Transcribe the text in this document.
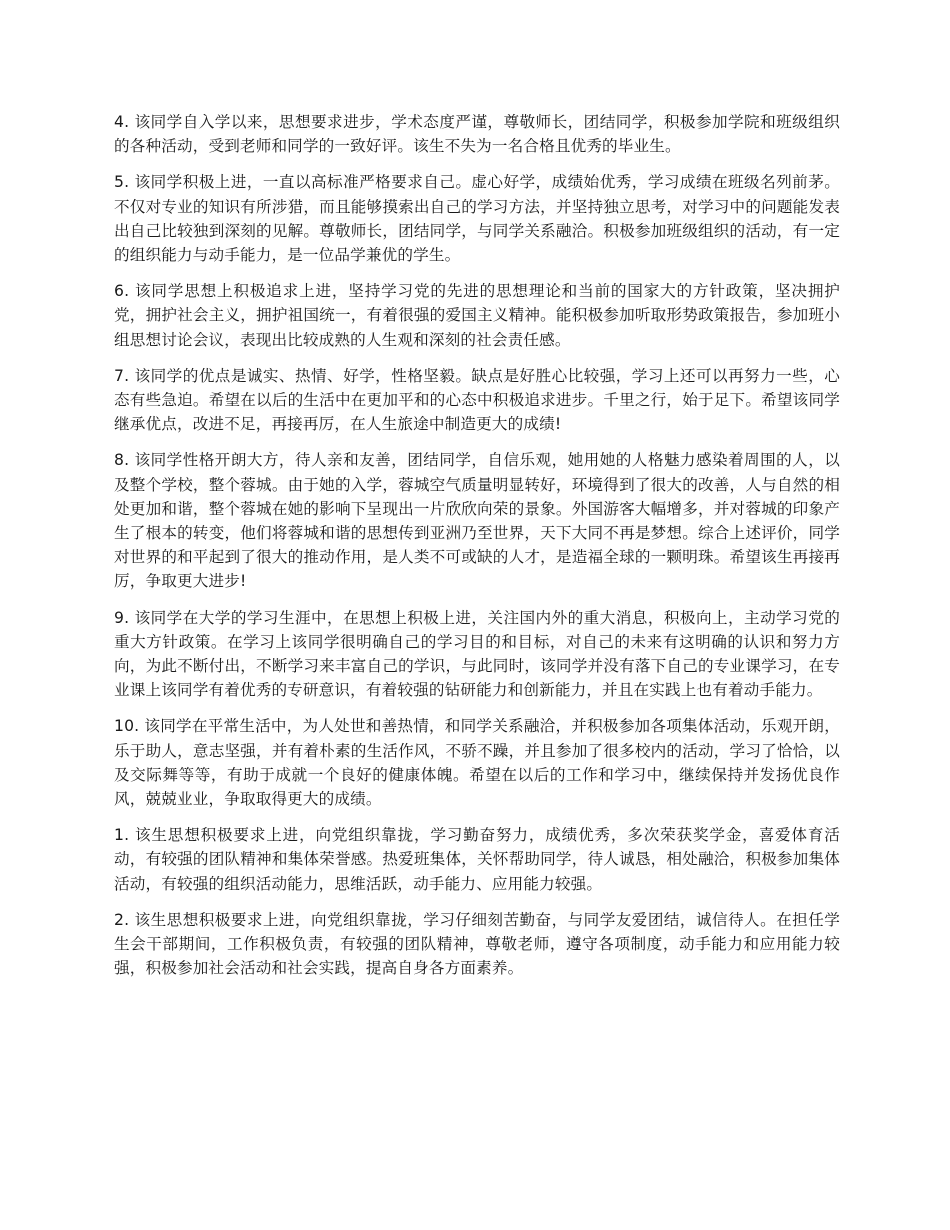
4. 该同学自入学以来，思想要求进步，学术态度严谨，尊敬师长，团结同学，积极参加学院和班级组织的各种活动，受到老师和同学的一致好评。该生不失为一名合格且优秀的毕业生。

5. 该同学积极上进，一直以高标准严格要求自己。虚心好学，成绩始优秀，学习成绩在班级名列前茅。不仅对专业的知识有所涉猎，而且能够摸索出自己的学习方法，并坚持独立思考，对学习中的问题能发表出自己比较独到深刻的见解。尊敬师长，团结同学，与同学关系融洽。积极参加班级组织的活动，有一定的组织能力与动手能力，是一位品学兼优的学生。

6. 该同学思想上积极追求上进，坚持学习党的先进的思想理论和当前的国家大的方针政策，坚决拥护党，拥护社会主义，拥护祖国统一，有着很强的爱国主义精神。能积极参加听取形势政策报告，参加班小组思想讨论会议，表现出比较成熟的人生观和深刻的社会责任感。

7. 该同学的优点是诚实、热情、好学，性格坚毅。缺点是好胜心比较强，学习上还可以再努力一些，心态有些急迫。希望在以后的生活中在更加平和的心态中积极追求进步。千里之行，始于足下。希望该同学继承优点，改进不足，再接再厉，在人生旅途中制造更大的成绩!

8. 该同学性格开朗大方，待人亲和友善，团结同学，自信乐观，她用她的人格魅力感染着周围的人，以及整个学校，整个蓉城。由于她的入学，蓉城空气质量明显转好，环境得到了很大的改善，人与自然的相处更加和谐，整个蓉城在她的影响下呈现出一片欣欣向荣的景象。外国游客大幅增多，并对蓉城的印象产生了根本的转变，他们将蓉城和谐的思想传到亚洲乃至世界，天下大同不再是梦想。综合上述评价，同学对世界的和平起到了很大的推动作用，是人类不可或缺的人才，是造福全球的一颗明珠。希望该生再接再厉，争取更大进步!

9. 该同学在大学的学习生涯中，在思想上积极上进，关注国内外的重大消息，积极向上，主动学习党的重大方针政策。在学习上该同学很明确自己的学习目的和目标，对自己的未来有这明确的认识和努力方向，为此不断付出，不断学习来丰富自己的学识，与此同时，该同学并没有落下自己的专业课学习，在专业课上该同学有着优秀的专研意识，有着较强的钻研能力和创新能力，并且在实践上也有着动手能力。

10. 该同学在平常生活中，为人处世和善热情，和同学关系融洽，并积极参加各项集体活动，乐观开朗，乐于助人，意志坚强，并有着朴素的生活作风，不骄不躁，并且参加了很多校内的活动，学习了恰恰，以及交际舞等等，有助于成就一个良好的健康体魄。希望在以后的工作和学习中，继续保持并发扬优良作风，兢兢业业，争取取得更大的成绩。

1. 该生思想积极要求上进，向党组织靠拢，学习勤奋努力，成绩优秀，多次荣获奖学金，喜爱体育活动，有较强的团队精神和集体荣誉感。热爱班集体，关怀帮助同学，待人诚恳，相处融洽，积极参加集体活动，有较强的组织活动能力，思维活跃，动手能力、应用能力较强。

2. 该生思想积极要求上进，向党组织靠拢，学习仔细刻苦勤奋，与同学友爱团结，诚信待人。在担任学生会干部期间，工作积极负责，有较强的团队精神，尊敬老师，遵守各项制度，动手能力和应用能力较强，积极参加社会活动和社会实践，提高自身各方面素养。
